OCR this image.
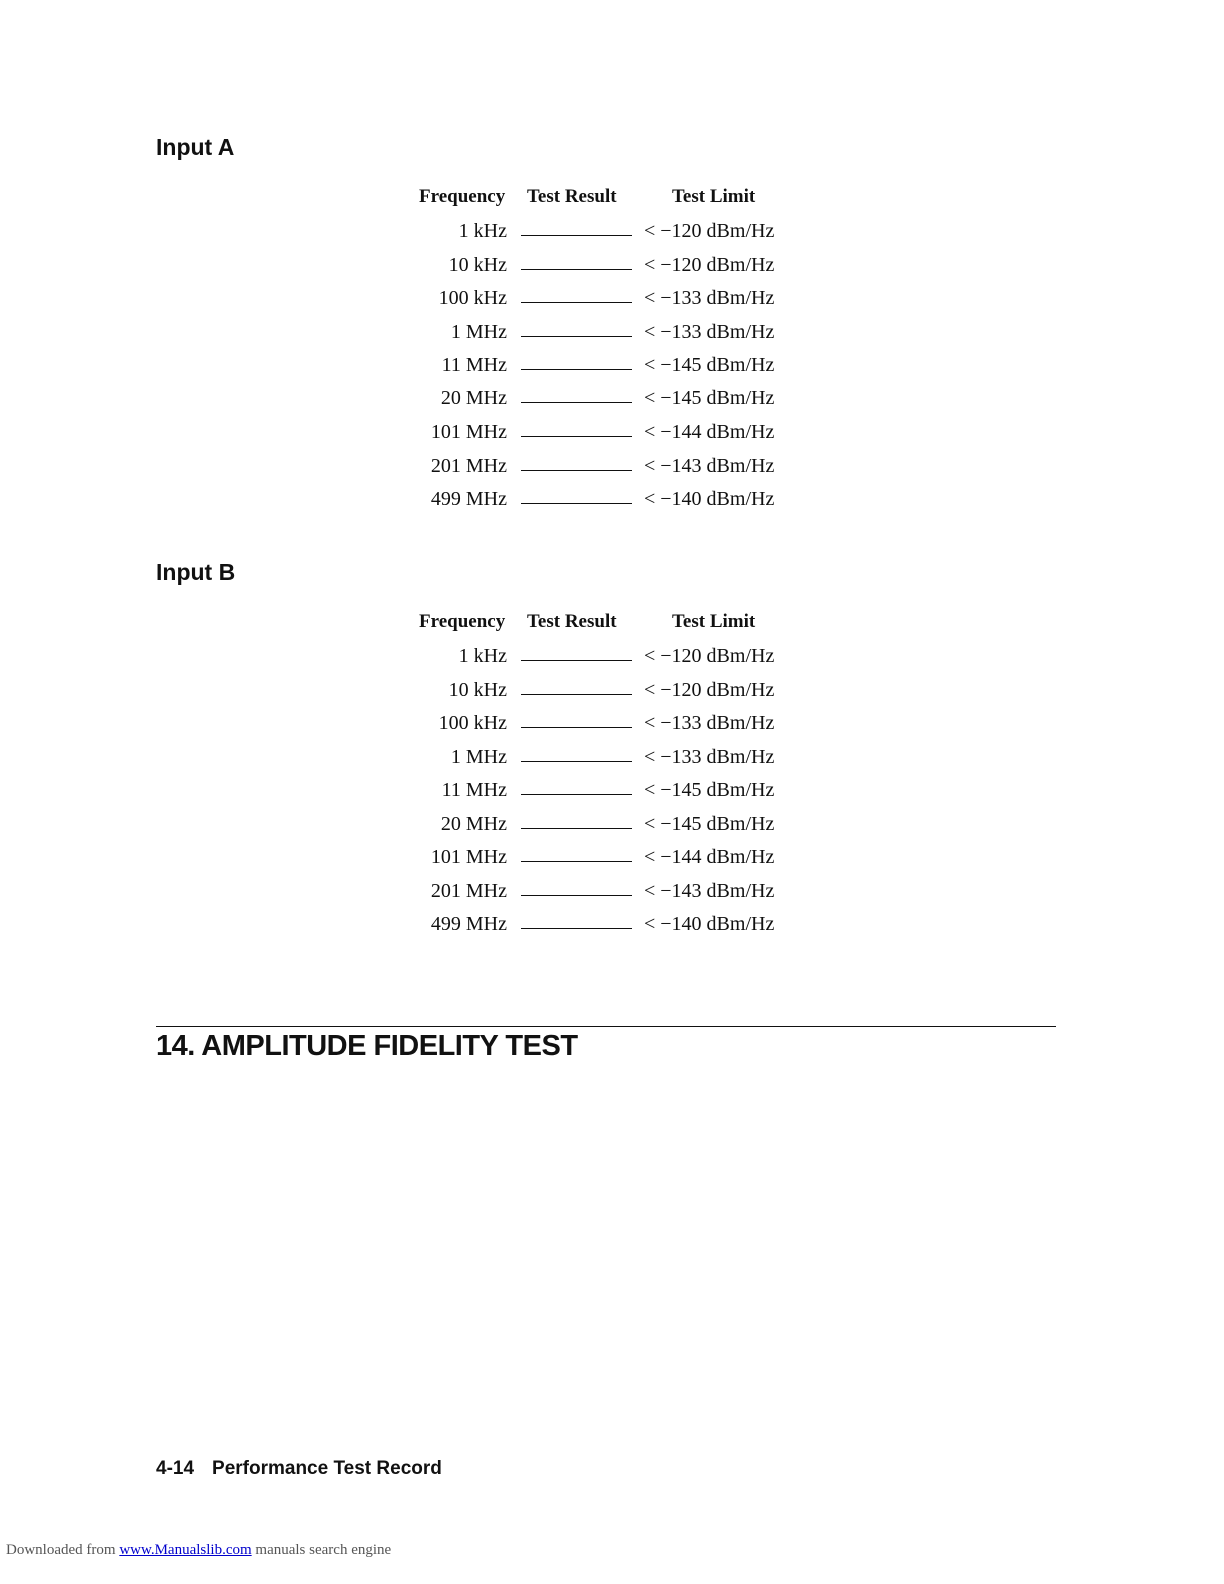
Input A
Frequency Test Result	Test Limit
1 kHz	< −120 dBm/Hz
10 kHz	< −120 dBm/Hz
100 kHz	< −133 dBm/Hz
1 MHz	< −133 dBm/Hz
11 MHz	< −145 dBm/Hz
20 MHz	< −145 dBm/Hz
101 MHz	< −144 dBm/Hz
201 MHz	< −143 dBm/Hz
499 MHz	< −140 dBm/Hz
Input B
Frequency Test Result	Test Limit
1 kHz	< −120 dBm/Hz
10 kHz	< −120 dBm/Hz
100 kHz	< −133 dBm/Hz
1 MHz	< −133 dBm/Hz
11 MHz	< −145 dBm/Hz
20 MHz	< −145 dBm/Hz
101 MHz	< −144 dBm/Hz
201 MHz	< −143 dBm/Hz
499 MHz	< −140 dBm/Hz
14. AMPLITUDE FIDELITY TEST
4-14 Performance Test Record
Downloaded from www.Manualslib.com manuals search engine
